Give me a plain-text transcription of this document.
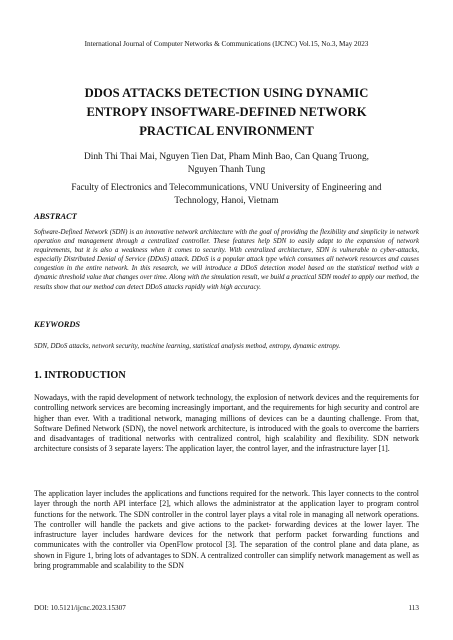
International Journal of Computer Networks & Communications (IJCNC) Vol.15, No.3, May 2023
DDOS ATTACKS DETECTION USING DYNAMIC
ENTROPY INSOFTWARE-DEFINED NETWORK
PRACTICAL ENVIRONMENT
Dinh Thi Thai Mai, Nguyen Tien Dat, Pham Minh Bao, Can Quang Truong,
Nguyen Thanh Tung
Faculty of Electronics and Telecommunications, VNU University of Engineering and
Technology, Hanoi, Vietnam
ABSTRACT
Software-Defined Network (SDN) is an innovative network architecture with the goal of providing the flexibility and simplicity in network operation and management through a centralized controller. These features help SDN to easily adapt to the expansion of network requirements, but it is also a weakness when it comes to security. With centralized architecture, SDN is vulnerable to cyber-attacks, especially Distributed Denial of Service (DDoS) attack. DDoS is a popular attack type which consumes all network resources and causes congestion in the entire network. In this research, we will introduce a DDoS detection model based on the statistical method with a dynamic threshold value that changes over time. Along with the simulation result, we build a practical SDN model to apply our method, the results show that our method can detect DDoS attacks rapidly with high accuracy.
KEYWORDS
SDN, DDoS attacks, network security, machine learning, statistical analysis method, entropy, dynamic entropy.
1. INTRODUCTION
Nowadays, with the rapid development of network technology, the explosion of network devices and the requirements for controlling network services are becoming increasingly important, and the requirements for high security and control are higher than ever. With a traditional network, managing millions of devices can be a daunting challenge. From that, Software Defined Network (SDN), the novel network architecture, is introduced with the goals to overcome the barriers and disadvantages of traditional networks with centralized control, high scalability and flexibility. SDN network architecture consists of 3 separate layers: The application layer, the control layer, and the infrastructure layer [1].
The application layer includes the applications and functions required for the network. This layer connects to the control layer through the north API interface [2], which allows the administrator at the application layer to program control functions for the network. The SDN controller in the control layer plays a vital role in managing all network operations. The controller will handle the packets and give actions to the packet- forwarding devices at the lower layer. The infrastructure layer includes hardware devices for the network that perform packet forwarding functions and communicates with the controller via OpenFlow protocol [3]. The separation of the control plane and data plane, as shown in Figure 1, bring lots of advantages to SDN. A centralized controller can simplify network management as well as bring programmable and scalability to the SDN
DOI: 10.5121/ijcnc.2023.15307	113
